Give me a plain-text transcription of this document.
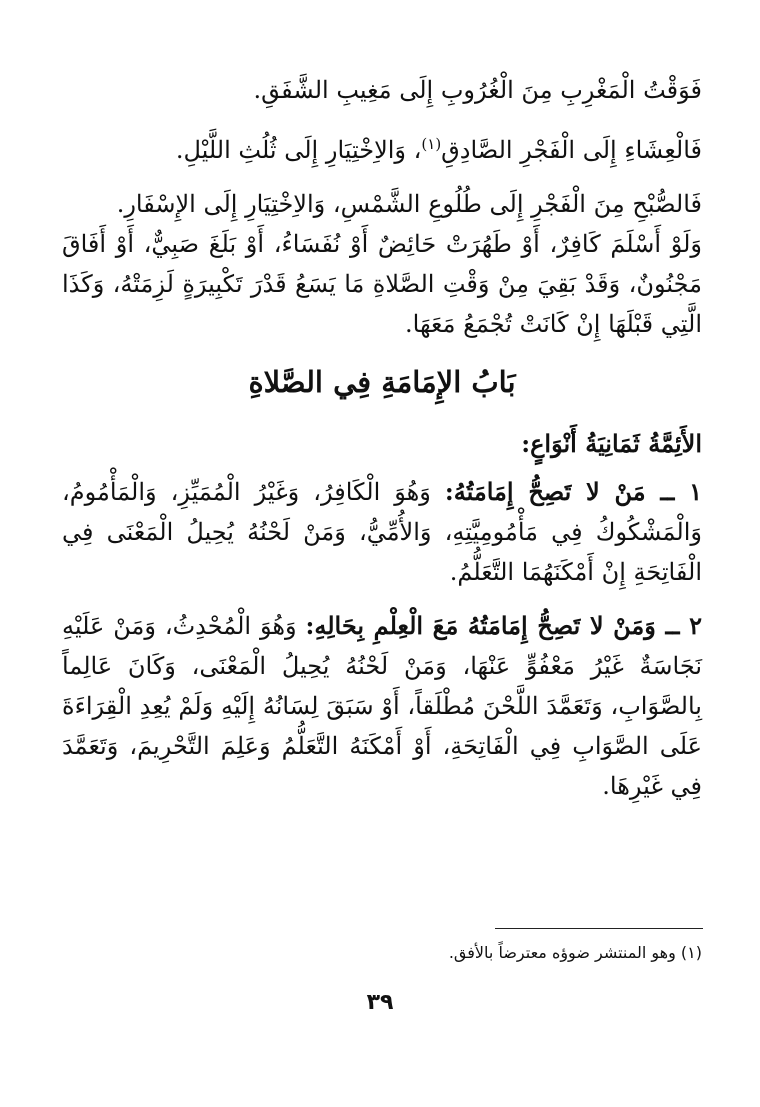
فَوَقْتُ الْمَغْرِبِ مِنَ الْغُرُوبِ إِلَى مَغِيبِ الشَّفَقِ.

فَالْعِشَاءِ إِلَى الْفَجْرِ الصَّادِقِ$^{(١)}$، وَالاِخْتِيَارِ إِلَى ثُلُثِ اللَّيْلِ.

فَالصُّبْحِ مِنَ الْفَجْرِ إِلَى طُلُوعِ الشَّمْسِ، وَالاِخْتِيَارِ إِلَى الإِسْفَارِ.

وَلَوْ أَسْلَمَ كَافِرٌ، أَوْ طَهُرَتْ حَائِضٌ أَوْ نُفَسَاءُ، أَوْ بَلَغَ صَبِيٌّ، أَوْ أَفَاقَ مَجْنُونٌ، وَقَدْ بَقِيَ مِنْ وَقْتِ الصَّلاةِ مَا يَسَعُ قَدْرَ تَكْبِيرَةٍ لَزِمَتْهُ، وَكَذَا الَّتِي قَبْلَهَا إِنْ كَانَتْ تُجْمَعُ مَعَهَا.

بَابُ الإِمَامَةِ فِي الصَّلاةِ

الأَئِمَّةُ ثَمَانِيَةُ أَنْوَاعٍ:

١ ــ مَنْ لا تَصِحُّ إِمَامَتُهُ: وَهُوَ الْكَافِرُ، وَغَيْرُ الْمُمَيِّزِ، وَالْمَأْمُومُ، وَالْمَشْكُوكُ فِي مَأْمُومِيَّتِهِ، وَالأُمِّيُّ، وَمَنْ لَحْنُهُ يُحِيلُ الْمَعْنَى فِي الْفَاتِحَةِ إِنْ أَمْكَنَهُمَا التَّعَلُّمُ.

٢ ــ وَمَنْ لا تَصِحُّ إِمَامَتُهُ مَعَ الْعِلْمِ بِحَالِهِ: وَهُوَ الْمُحْدِثُ، وَمَنْ عَلَيْهِ نَجَاسَةٌ غَيْرُ مَعْفُوٍّ عَنْهَا، وَمَنْ لَحْنُهُ يُحِيلُ الْمَعْنَى، وَكَانَ عَالِماً بِالصَّوَابِ، وَتَعَمَّدَ اللَّحْنَ مُطْلَقاً، أَوْ سَبَقَ لِسَانُهُ إِلَيْهِ وَلَمْ يُعِدِ الْقِرَاءَةَ عَلَى الصَّوَابِ فِي الْفَاتِحَةِ، أَوْ أَمْكَنَهُ التَّعَلُّمُ وَعَلِمَ التَّحْرِيمَ، وَتَعَمَّدَ فِي غَيْرِهَا.

(١) وهو المنتشر ضوؤه معترضاً بالأفق.
٣٩
